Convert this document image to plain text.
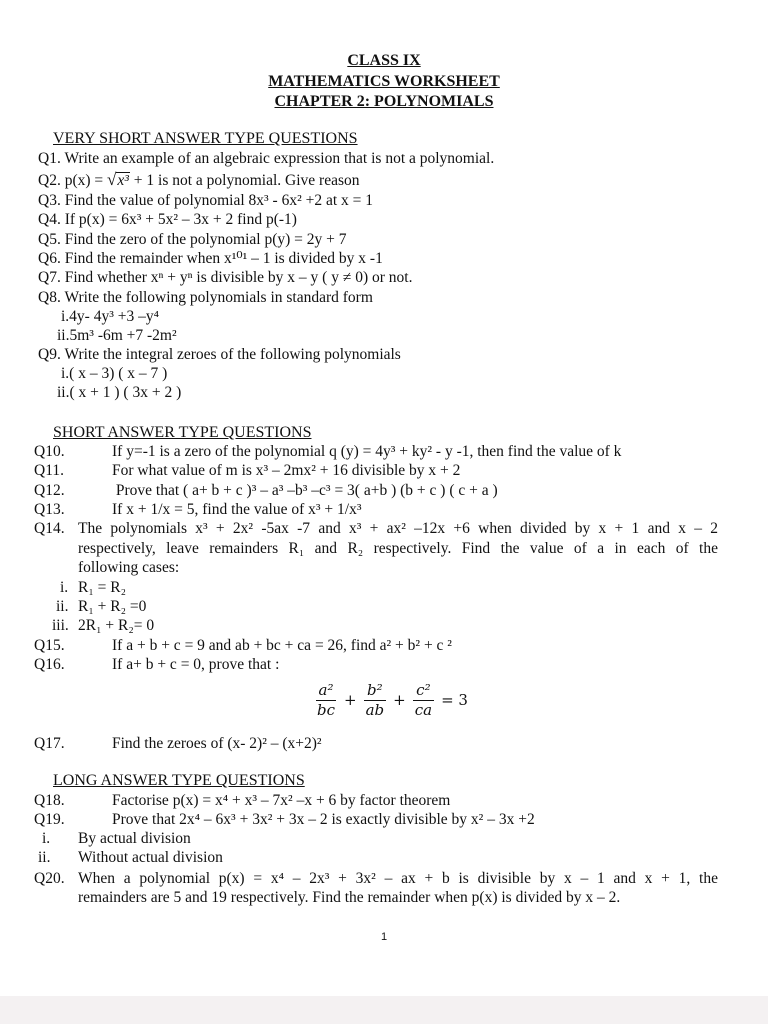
CLASS IX
MATHEMATICS WORKSHEET
CHAPTER 2: POLYNOMIALS
VERY SHORT ANSWER TYPE QUESTIONS
Q1. Write an example of an algebraic expression that is not a polynomial.
Q2. p(x) = √ x³ + 1 is not a polynomial. Give reason
Q3. Find the value of polynomial 8x³ - 6x² +2 at x = 1
Q4. If p(x) = 6x³ + 5x² – 3x + 2 find p(-1)
Q5. Find the zero of the polynomial p(y) = 2y + 7
Q6. Find the remainder when x¹⁰¹ – 1 is divided by x -1
Q7. Find whether xⁿ + yⁿ is divisible by x – y ( y ≠ 0) or not.
Q8. Write the following polynomials in standard form
i.4y- 4y³ +3 –y⁴
ii.5m³ -6m +7 -2m²
Q9. Write the integral zeroes of the following polynomials
i.( x – 3) ( x – 7 )
ii.( x + 1 ) ( 3x + 2 )
SHORT ANSWER TYPE QUESTIONS
Q10.	If y=-1 is a zero of the polynomial q (y) = 4y³ + ky² - y -1, then find the value of k
Q11.	For what value of m is x³ – 2mx² + 16 divisible by x + 2
Q12.	Prove that ( a+ b + c )³ – a³ –b³ –c³ = 3( a+b ) (b + c ) ( c + a )
Q13.	If x + 1/x = 5, find the value of x³ + 1/x³
Q14. The polynomials x³ + 2x² -5ax -7 and x³ + ax² –12x +6 when divided by x + 1 and x – 2
respectively, leave remainders R₁ and R₂ respectively. Find the value of a in each of the
following cases:
i. R₁ = R₂
ii. R₁ + R₂ =0
iii. 2R₁ + R₂= 0
Q15.	If a + b + c = 9 and ab + bc + ca = 26, find a² + b² + c ²
Q16.	If a+ b + c = 0, prove that :
$\frac{\text{a²}}{bc} + \frac{\text{b²}}{ab} + \frac{\text{c²}}{ca} = 3$
Q17.	Find the zeroes of (x- 2)² – (x+2)²
LONG ANSWER TYPE QUESTIONS
Q18.	Factorise p(x) = x⁴ + x³ – 7x² –x + 6 by factor theorem
Q19.	Prove that 2x⁴ – 6x³ + 3x² + 3x – 2 is exactly divisible by x² – 3x +2
i. By actual division
ii. Without actual division
Q20. When a polynomial p(x) = x⁴ – 2x³ + 3x² – ax + b is divisible by x – 1 and x + 1, the
remainders are 5 and 19 respectively. Find the remainder when p(x) is divided by x – 2.
1
